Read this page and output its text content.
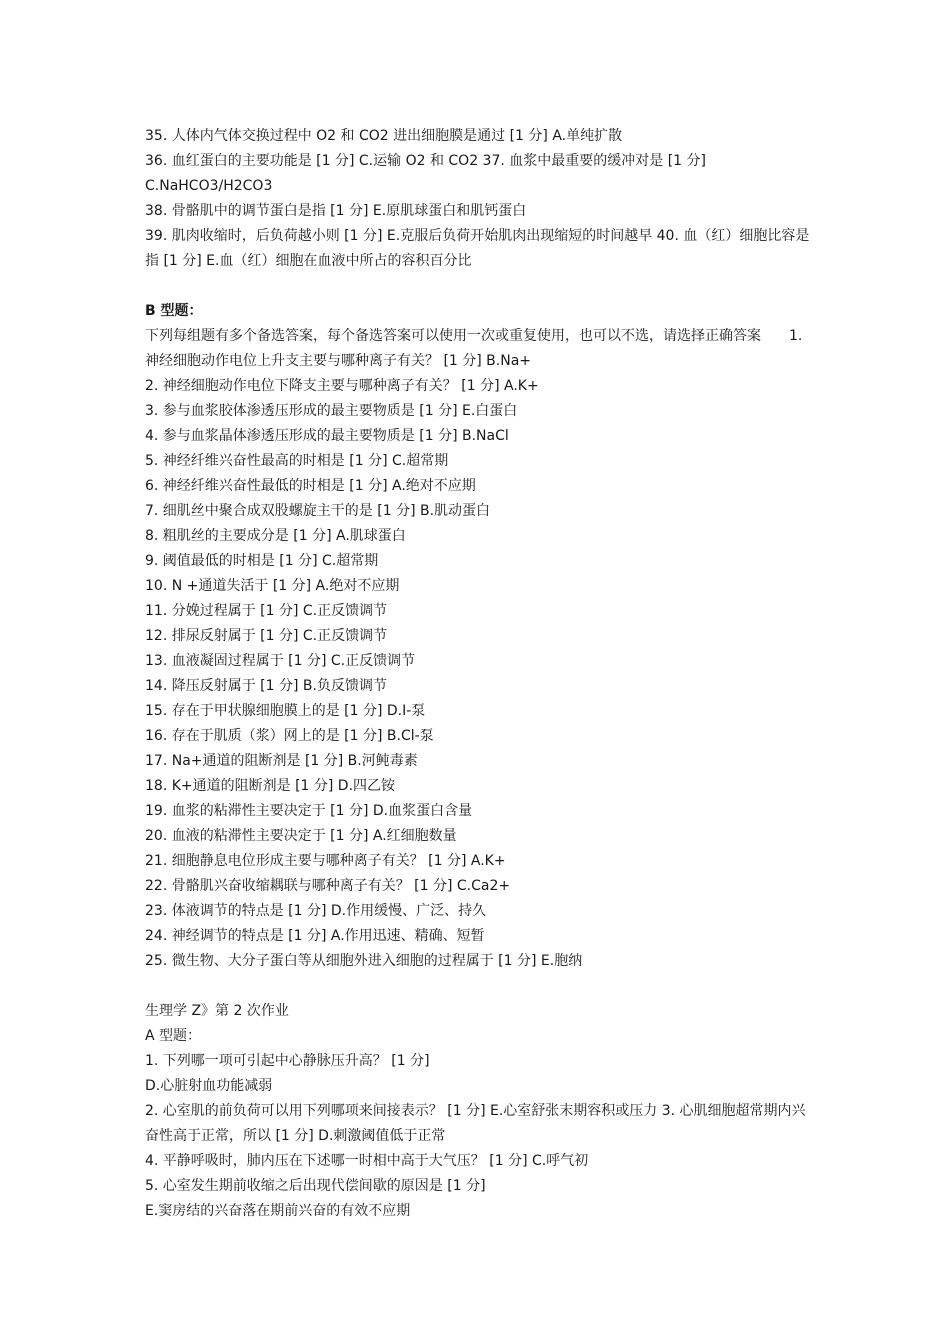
35. 人体内气体交换过程中 O2 和 CO2 进出细胞膜是通过 [1 分] A.单纯扩散

36. 血红蛋白的主要功能是 [1 分] C.运输 O2 和 CO2 37. 血浆中最重要的缓冲对是 [1 分] C.NaHCO3/H2CO3

38. 骨骼肌中的调节蛋白是指 [1 分] E.原肌球蛋白和肌钙蛋白

39. 肌肉收缩时，后负荷越小则 [1 分] E.克服后负荷开始肌肉出现缩短的时间越早 40. 血（红）细胞比容是指 [1 分] E.血（红）细胞在血液中所占的容积百分比

B 型题：

下列每组题有多个备选答案，每个备选答案可以使用一次或重复使用，也可以不选，请选择正确答案　　1. 神经细胞动作电位上升支主要与哪种离子有关？ [1 分] B.Na+

2. 神经细胞动作电位下降支主要与哪种离子有关？ [1 分] A.K+

3. 参与血浆胶体渗透压形成的最主要物质是 [1 分] E.白蛋白

4. 参与血浆晶体渗透压形成的最主要物质是 [1 分] B.NaCl

5. 神经纤维兴奋性最高的时相是 [1 分] C.超常期

6. 神经纤维兴奋性最低的时相是 [1 分] A.绝对不应期

7. 细肌丝中聚合成双股螺旋主干的是 [1 分] B.肌动蛋白

8. 粗肌丝的主要成分是 [1 分] A.肌球蛋白

9. 阈值最低的时相是 [1 分] C.超常期

10. N +通道失活于 [1 分] A.绝对不应期

11. 分娩过程属于 [1 分] C.正反馈调节

12. 排尿反射属于 [1 分] C.正反馈调节

13. 血液凝固过程属于 [1 分] C.正反馈调节

14. 降压反射属于 [1 分] B.负反馈调节

15. 存在于甲状腺细胞膜上的是 [1 分] D.I-泵

16. 存在于肌质（浆）网上的是 [1 分] B.Cl-泵

17. Na+通道的阻断剂是 [1 分] B.河鲀毒素

18. K+通道的阻断剂是 [1 分] D.四乙铵

19. 血浆的粘滞性主要决定于 [1 分] D.血浆蛋白含量

20. 血液的粘滞性主要决定于 [1 分] A.红细胞数量

21. 细胞静息电位形成主要与哪种离子有关？ [1 分] A.K+

22. 骨骼肌兴奋收缩耦联与哪种离子有关？ [1 分] C.Ca2+

23. 体液调节的特点是 [1 分] D.作用缓慢、广泛、持久

24. 神经调节的特点是 [1 分] A.作用迅速、精确、短暂

25. 微生物、大分子蛋白等从细胞外进入细胞的过程属于 [1 分] E.胞纳

生理学 Z》第 2 次作业

A 型题：

1. 下列哪一项可引起中心静脉压升高？ [1 分]

D.心脏射血功能减弱

2. 心室肌的前负荷可以用下列哪项来间接表示？ [1 分] E.心室舒张末期容积或压力 3. 心肌细胞超常期内兴奋性高于正常，所以 [1 分] D.刺激阈值低于正常

4. 平静呼吸时，肺内压在下述哪一时相中高于大气压？ [1 分] C.呼气初

5. 心室发生期前收缩之后出现代偿间歇的原因是 [1 分]

E.窦房结的兴奋落在期前兴奋的有效不应期
